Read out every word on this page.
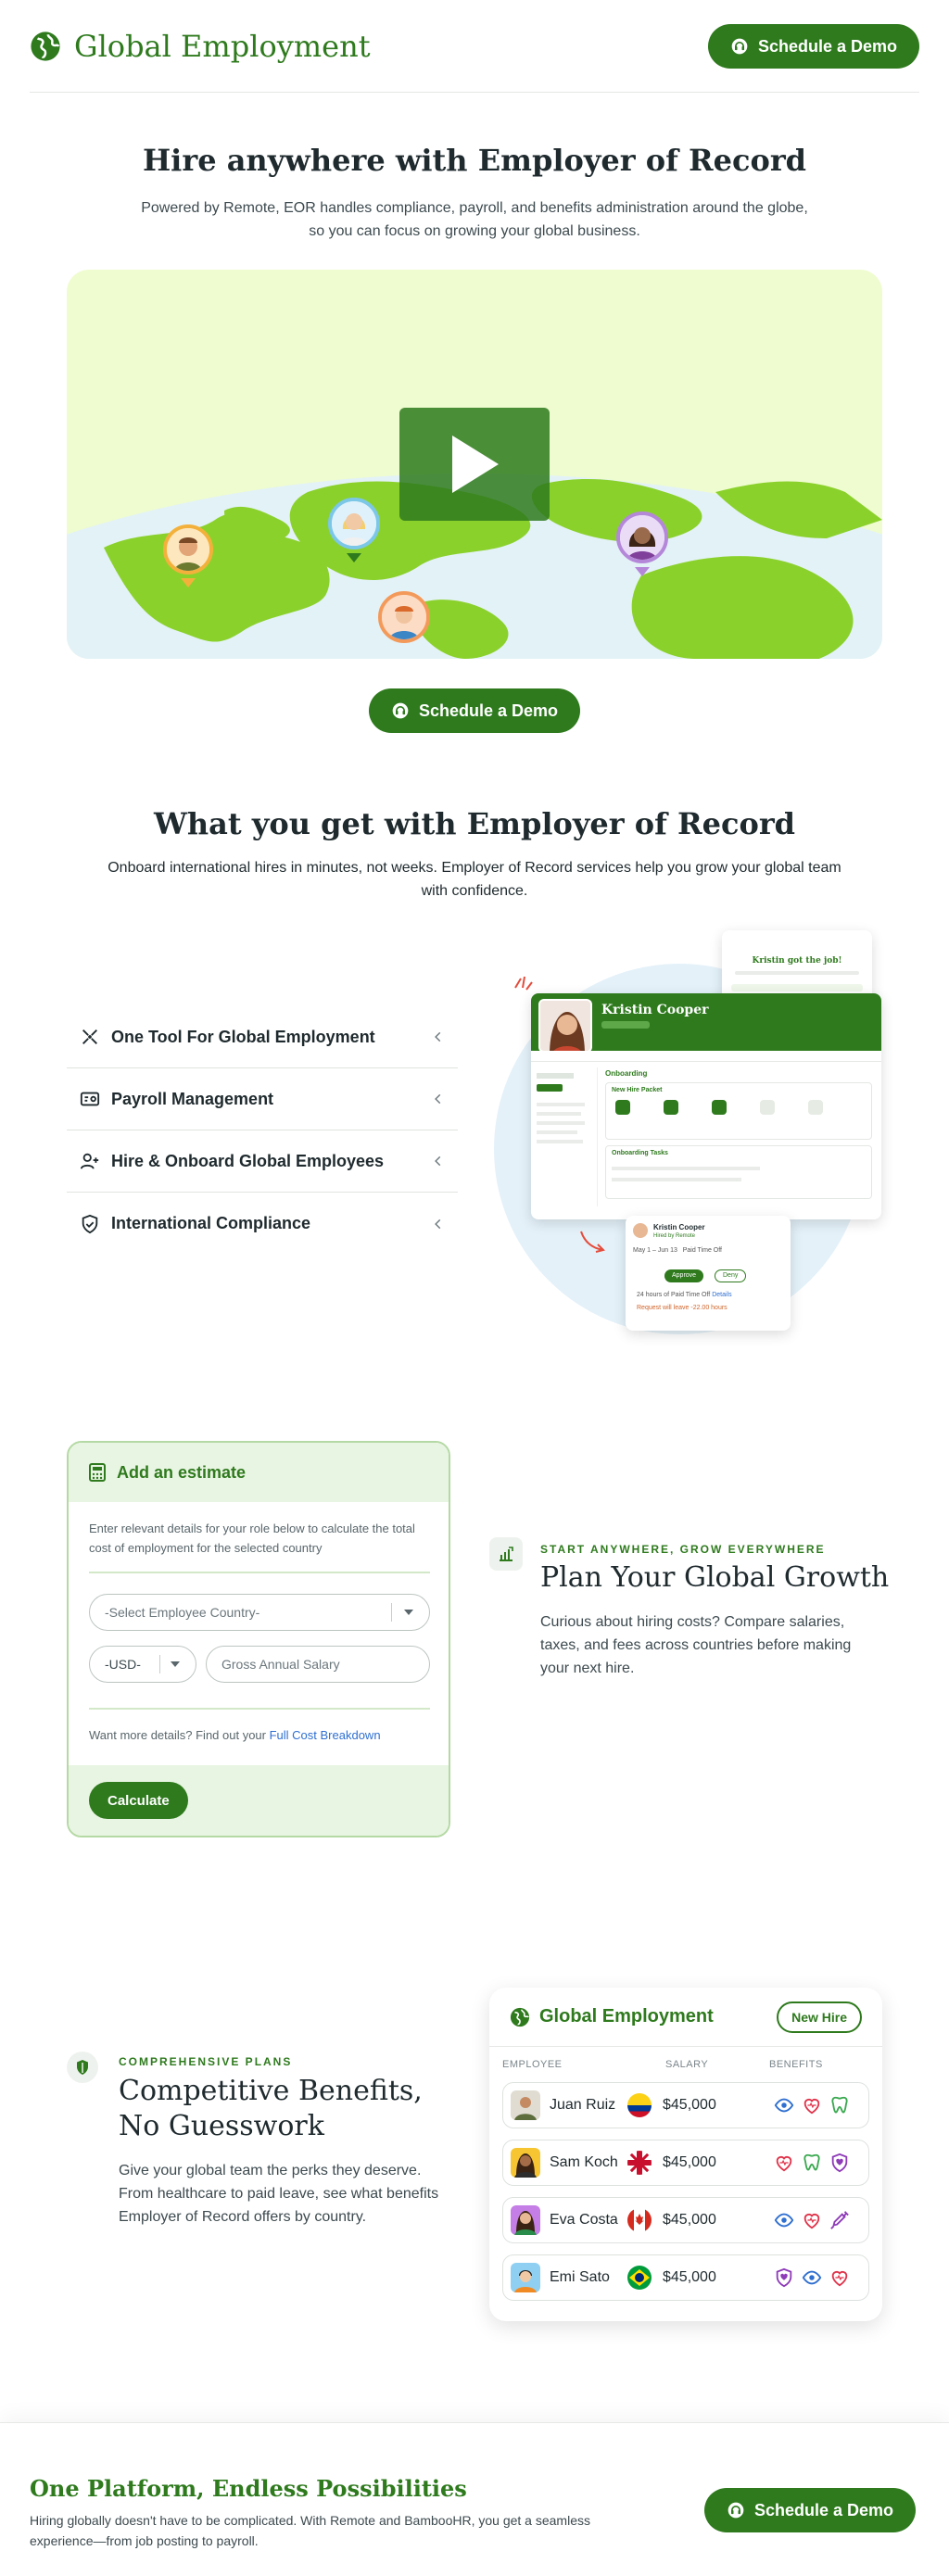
Global Employment	Schedule a Demo
Hire anywhere with Employer of Record

Powered by Remote, EOR handles compliance, payroll, and benefits administration around the globe,
so you can focus on growing your global business.

Schedule a Demo
What you get with Employer of Record

Onboard international hires in minutes, not weeks. Employer of Record services help you grow your global team
with confidence.

One Tool For Global Employment
Payroll Management
Hire & Onboard Global Employees
International Compliance
Kristin got the job!
Kristin Cooper
Onboarding
New Hire Packet
Onboarding Tasks
Kristin Cooper
Hired by Remote
May 1 – Jun 13 Paid Time Off
Approve	Deny
24 hours of Paid Time Off Details
Request will leave -22.00 hours
Add an estimate

Enter relevant details for your role below to calculate the total cost of employment for the selected country

-Select Employee Country-
-USD-	Gross Annual Salary

Want more details? Find out your Full Cost Breakdown

Calculate
START ANYWHERE, GROW EVERYWHERE
Plan Your Global Growth

Curious about hiring costs? Compare salaries, taxes, and fees across countries before making your next hire.

COMPREHENSIVE PLANS
Competitive Benefits,
No Guesswork

Give your global team the perks they deserve. From healthcare to paid leave, see what benefits Employer of Record offers by country.

Global Employment	New Hire
EMPLOYEE	SALARY	BENEFITS
Juan Ruiz	$45,000
Sam Koch	$45,000
Eva Costa	$45,000
Emi Sato	$45,000
One Platform, Endless Possibilities

Hiring globally doesn't have to be complicated. With Remote and BambooHR, you get a seamless experience—from job posting to payroll.

Schedule a Demo
